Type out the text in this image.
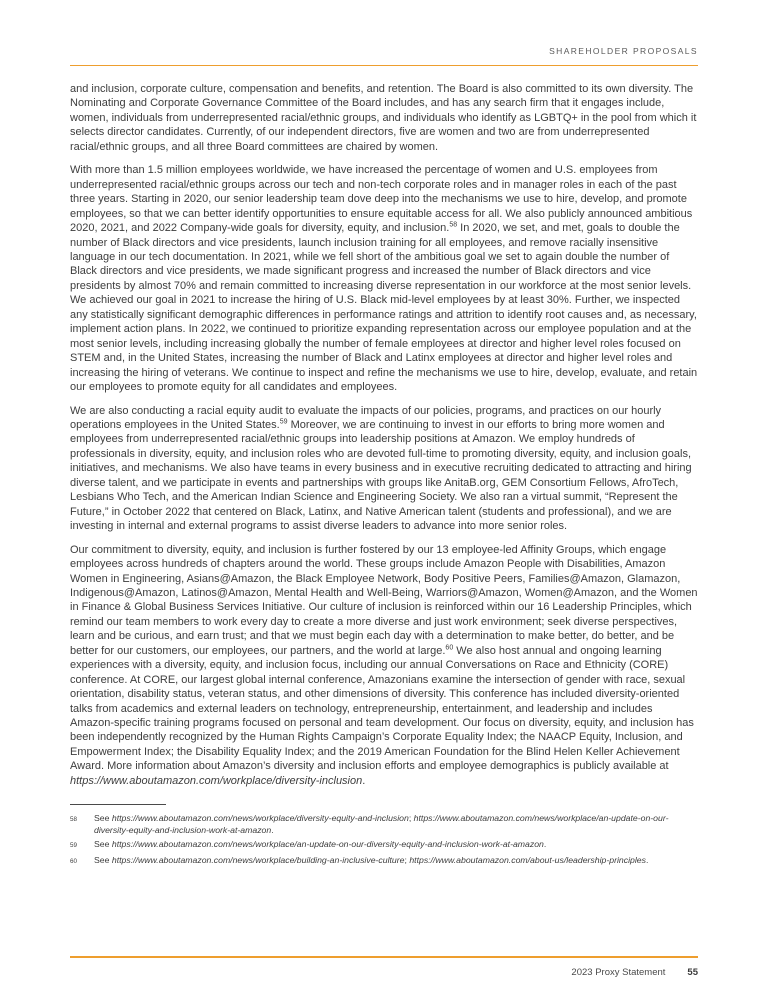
SHAREHOLDER PROPOSALS

and inclusion, corporate culture, compensation and benefits, and retention. The Board is also committed to its own diversity. The Nominating and Corporate Governance Committee of the Board includes, and has any search firm that it engages include, women, individuals from underrepresented racial/ethnic groups, and individuals who identify as LGBTQ+ in the pool from which it selects director candidates. Currently, of our independent directors, five are women and two are from underrepresented racial/ethnic groups, and all three Board committees are chaired by women.

With more than 1.5 million employees worldwide, we have increased the percentage of women and U.S. employees from underrepresented racial/ethnic groups across our tech and non-tech corporate roles and in manager roles in each of the past three years. Starting in 2020, our senior leadership team dove deep into the mechanisms we use to hire, develop, and promote employees, so that we can better identify opportunities to ensure equitable access for all. We also publicly announced ambitious 2020, 2021, and 2022 Company-wide goals for diversity, equity, and inclusion.$^{58}$ In 2020, we set, and met, goals to double the number of Black directors and vice presidents, launch inclusion training for all employees, and remove racially insensitive language in our tech documentation. In 2021, while we fell short of the ambitious goal we set to again double the number of Black directors and vice presidents, we made significant progress and increased the number of Black directors and vice presidents by almost 70% and remain committed to increasing diverse representation in our workforce at the most senior levels. We achieved our goal in 2021 to increase the hiring of U.S. Black mid-level employees by at least 30%. Further, we inspected any statistically significant demographic differences in performance ratings and attrition to identify root causes and, as necessary, implement action plans. In 2022, we continued to prioritize expanding representation across our employee population and at the most senior levels, including increasing globally the number of female employees at director and higher level roles focused on STEM and, in the United States, increasing the number of Black and Latinx employees at director and higher level roles and increasing the hiring of veterans. We continue to inspect and refine the mechanisms we use to hire, develop, evaluate, and retain our employees to promote equity for all candidates and employees.

We are also conducting a racial equity audit to evaluate the impacts of our policies, programs, and practices on our hourly operations employees in the United States.$^{59}$ Moreover, we are continuing to invest in our efforts to bring more women and employees from underrepresented racial/ethnic groups into leadership positions at Amazon. We employ hundreds of professionals in diversity, equity, and inclusion roles who are devoted full-time to promoting diversity, equity, and inclusion goals, initiatives, and mechanisms. We also have teams in every business and in executive recruiting dedicated to attracting and hiring diverse talent, and we participate in events and partnerships with groups like AnitaB.org, GEM Consortium Fellows, AfroTech, Lesbians Who Tech, and the American Indian Science and Engineering Society. We also ran a virtual summit, “Represent the Future,” in October 2022 that centered on Black, Latinx, and Native American talent (students and professional), and we are investing in internal and external programs to assist diverse leaders to advance into more senior roles.

Our commitment to diversity, equity, and inclusion is further fostered by our 13 employee-led Affinity Groups, which engage employees across hundreds of chapters around the world. These groups include Amazon People with Disabilities, Amazon Women in Engineering, Asians@Amazon, the Black Employee Network, Body Positive Peers, Families@Amazon, Glamazon, Indigenous@Amazon, Latinos@Amazon, Mental Health and Well-Being, Warriors@Amazon, Women@Amazon, and the Women in Finance & Global Business Services Initiative. Our culture of inclusion is reinforced within our 16 Leadership Principles, which remind our team members to work every day to create a more diverse and just work environment; seek diverse perspectives, learn and be curious, and earn trust; and that we must begin each day with a determination to make better, do better, and be better for our customers, our employees, our partners, and the world at large.$^{60}$ We also host annual and ongoing learning experiences with a diversity, equity, and inclusion focus, including our annual Conversations on Race and Ethnicity (CORE) conference. At CORE, our largest global internal conference, Amazonians examine the intersection of gender with race, sexual orientation, disability status, veteran status, and other dimensions of diversity. This conference has included diversity-oriented talks from academics and external leaders on technology, entrepreneurship, entertainment, and leadership and includes Amazon-specific training programs focused on personal and team development. Our focus on diversity, equity, and inclusion has been independently recognized by the Human Rights Campaign’s Corporate Equality Index; the NAACP Equity, Inclusion, and Empowerment Index; the Disability Equality Index; and the 2019 American Foundation for the Blind Helen Keller Achievement Award. More information about Amazon’s diversity and inclusion efforts and employee demographics is publicly available at https://www.aboutamazon.com/workplace/diversity-inclusion.

58	See https://www.aboutamazon.com/news/workplace/diversity-equity-and-inclusion; https://www.aboutamazon.com/news/workplace/an-update-on-our-diversity-equity-and-inclusion-work-at-amazon.
59	See https://www.aboutamazon.com/news/workplace/an-update-on-our-diversity-equity-and-inclusion-work-at-amazon.
60	See https://www.aboutamazon.com/news/workplace/building-an-inclusive-culture; https://www.aboutamazon.com/about-us/leadership-principles.
2023 Proxy Statement 55
